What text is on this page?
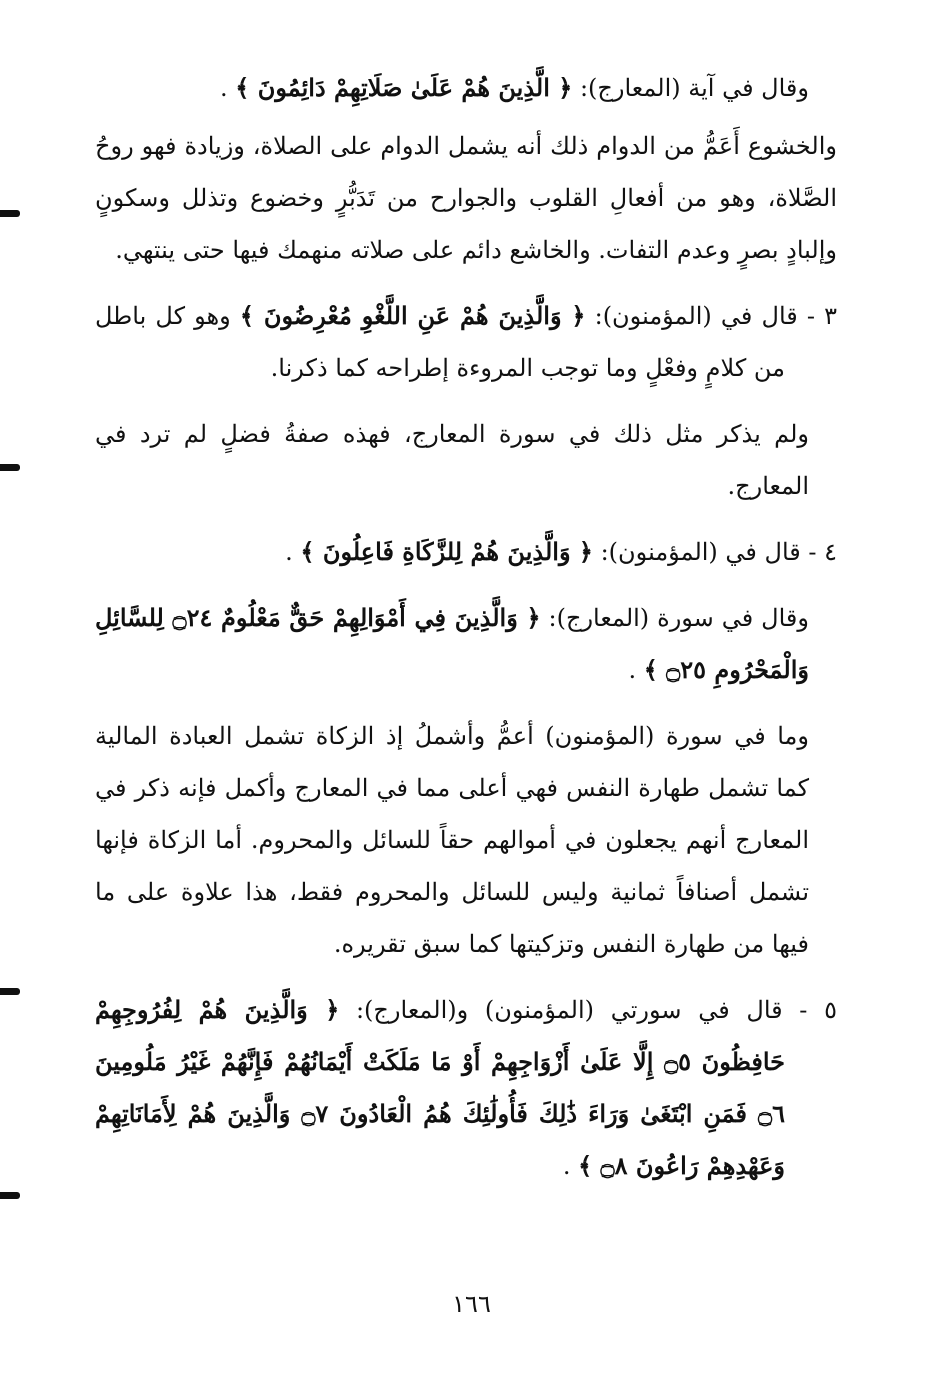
وقال في آية (المعارج): ﴿ الَّذِينَ هُمْ عَلَىٰ صَلَاتِهِمْ دَائِمُونَ ﴾ .

والخشوع أَعَمُّ من الدوام ذلك أنه يشمل الدوام على الصلاة، وزيادة فهو روحُ الصَّلاة، وهو من أفعالِ القلوب والجوارح من تَدَبُّرٍ وخضوع وتذلل وسكونٍ وإلبادٍ بصرٍ وعدم التفات. والخاشع دائم على صلاته منهمك فيها حتى ينتهي.

٣ - قال في (المؤمنون): ﴿ وَالَّذِينَ هُمْ عَنِ اللَّغْوِ مُعْرِضُونَ ﴾ وهو كل باطل من كلامٍ وفعْلٍ وما توجب المروءة إطراحه كما ذكرنا.

ولم يذكر مثل ذلك في سورة المعارج، فهذه صفةُ فضلٍ لم ترد في المعارج.

٤ - قال في (المؤمنون): ﴿ وَالَّذِينَ هُمْ لِلزَّكَاةِ فَاعِلُونَ ﴾ .

وقال في سورة (المعارج): ﴿ وَالَّذِينَ فِي أَمْوَالِهِمْ حَقٌّ مَعْلُومٌ ۝٢٤ لِلسَّائِلِ وَالْمَحْرُومِ ۝٢٥ ﴾ .

وما في سورة (المؤمنون) أعمُّ وأشملُ إذ الزكاة تشمل العبادة المالية كما تشمل طهارة النفس فهي أعلى مما في المعارج وأكمل فإنه ذكر في المعارج أنهم يجعلون في أموالهم حقاً للسائل والمحروم. أما الزكاة فإنها تشمل أصنافاً ثمانية وليس للسائل والمحروم فقط، هذا علاوة على ما فيها من طهارة النفس وتزكيتها كما سبق تقريره.

٥ - قال في سورتي (المؤمنون) و(المعارج): ﴿ وَالَّذِينَ هُمْ لِفُرُوجِهِمْ حَافِظُونَ ۝٥ إِلَّا عَلَىٰ أَزْوَاجِهِمْ أَوْ مَا مَلَكَتْ أَيْمَانُهُمْ فَإِنَّهُمْ غَيْرُ مَلُومِينَ ۝٦ فَمَنِ ابْتَغَىٰ وَرَاءَ ذَٰلِكَ فَأُولَٰئِكَ هُمُ الْعَادُونَ ۝٧ وَالَّذِينَ هُمْ لِأَمَانَاتِهِمْ وَعَهْدِهِمْ رَاعُونَ ۝٨ ﴾ .

١٦٦
